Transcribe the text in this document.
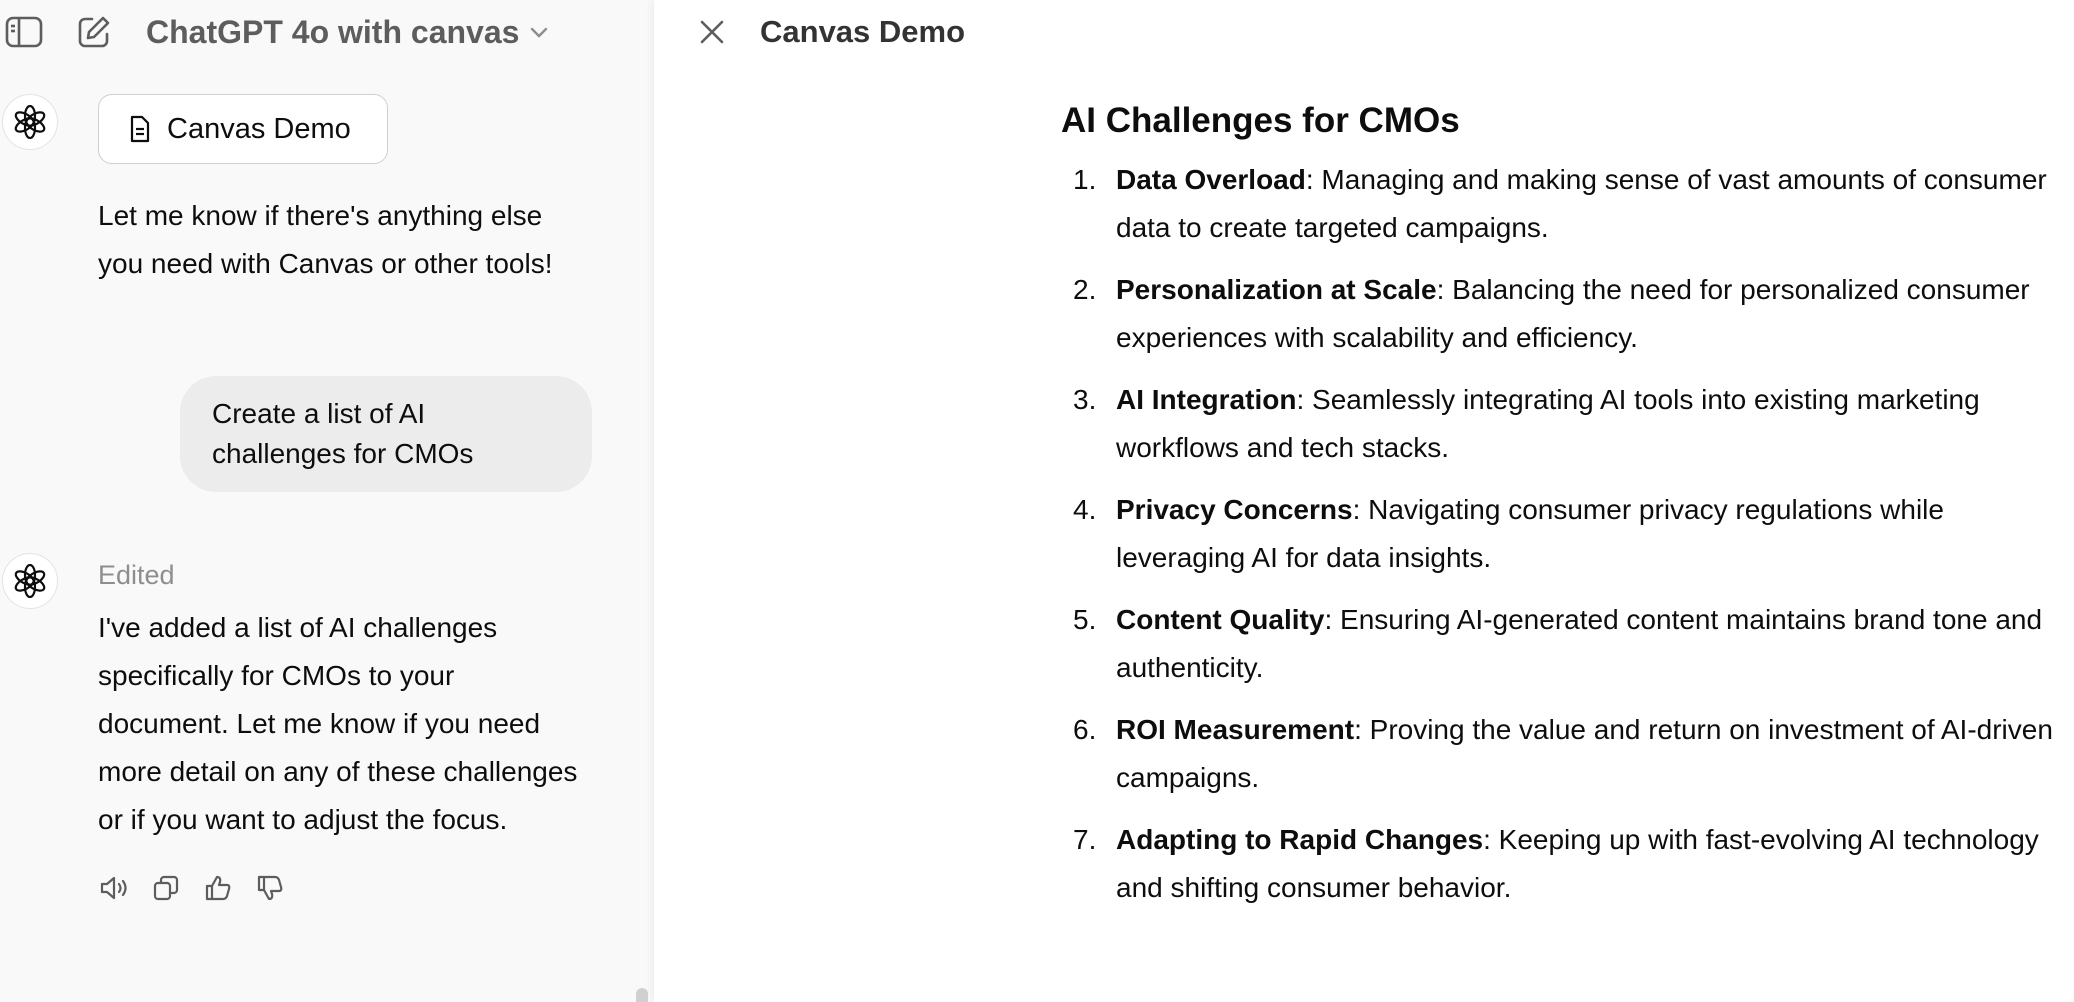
ChatGPT 4o with canvas
Canvas Demo
Let me know if there's anything else
you need with Canvas or other tools!
Create a list of AI
challenges for CMOs
Edited
I've added a list of AI challenges
specifically for CMOs to your
document. Let me know if you need
more detail on any of these challenges
or if you want to adjust the focus.
Canvas Demo
AI Challenges for CMOs
1. Data Overload: Managing and making sense of vast amounts of consumer data to create targeted campaigns.
2. Personalization at Scale: Balancing the need for personalized consumer experiences with scalability and efficiency.
3. AI Integration: Seamlessly integrating AI tools into existing marketing workflows and tech stacks.
4. Privacy Concerns: Navigating consumer privacy regulations while leveraging AI for data insights.
5. Content Quality: Ensuring AI-generated content maintains brand tone and authenticity.
6. ROI Measurement: Proving the value and return on investment of AI-driven campaigns.
7. Adapting to Rapid Changes: Keeping up with fast-evolving AI technology and shifting consumer behavior.
